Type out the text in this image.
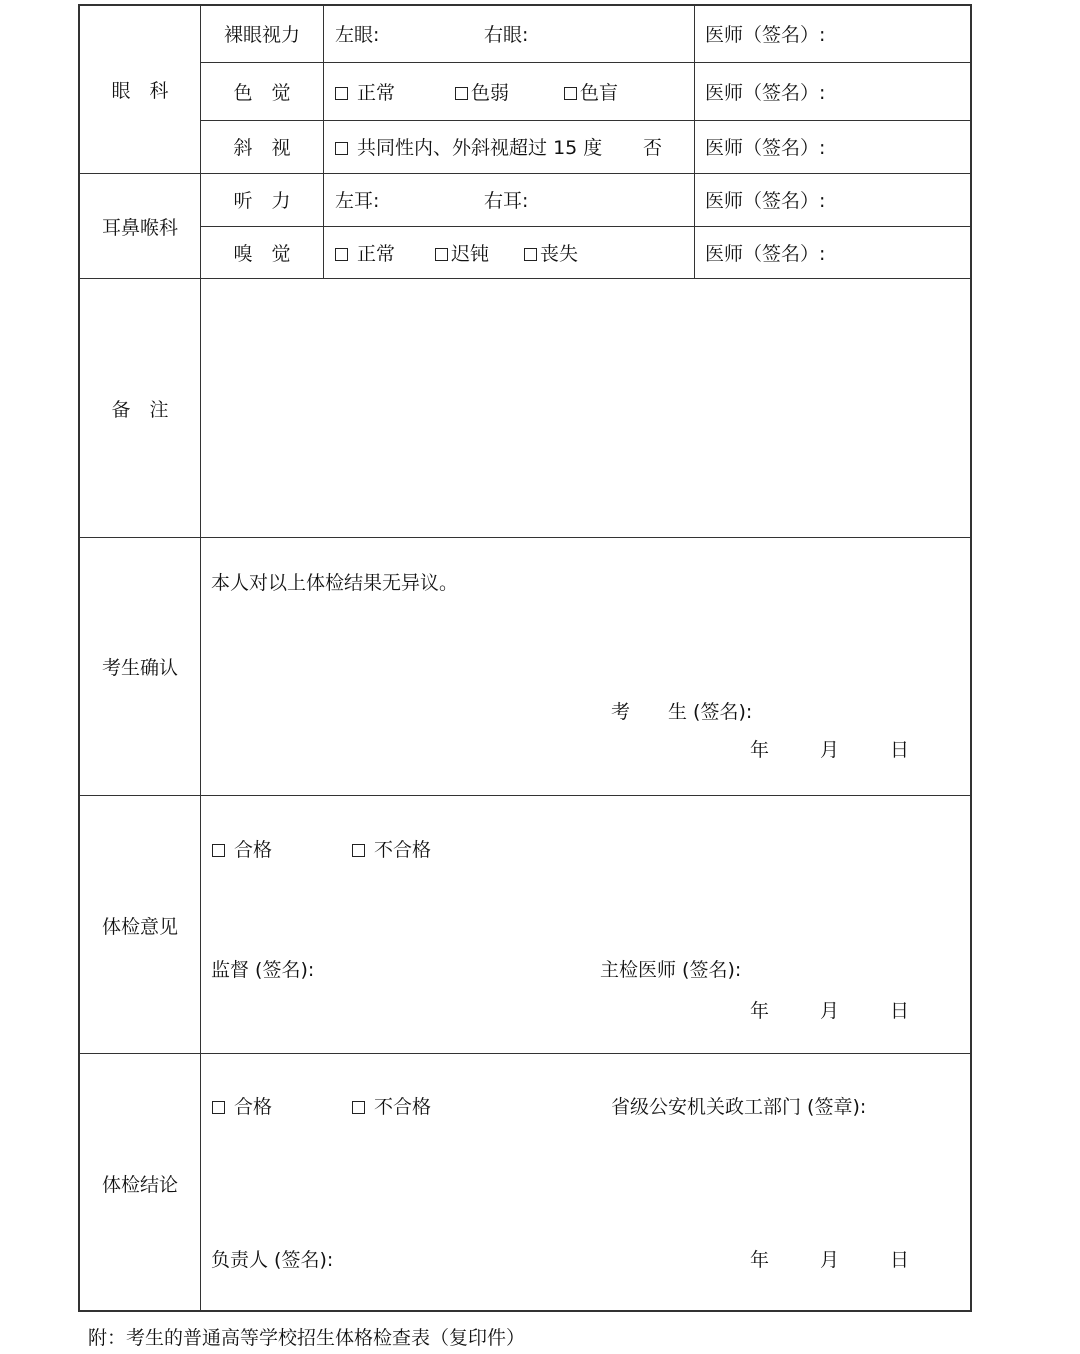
眼　科
裸眼视力	左眼:	右眼:	医师（签名）:
色　觉	正常	色弱	色盲	医师（签名）:
斜　视	共同性内、外斜视超过 15 度 否 医师（签名）:
耳鼻喉科
听　力	左耳:	右耳:	医师（签名）:
嗅　觉	正常	迟钝	丧失	医师（签名）:
备　注
考生确认
本人对以上体检结果无异议。
考　　生 (签名):
年	月	日
体检意见
合格	不合格
监督 (签名):	主检医师 (签名):
年	月	日
体检结论
合格	不合格	省级公安机关政工部门 (签章):
负责人 (签名):	年	月	日
附：考生的普通高等学校招生体格检查表（复印件）
